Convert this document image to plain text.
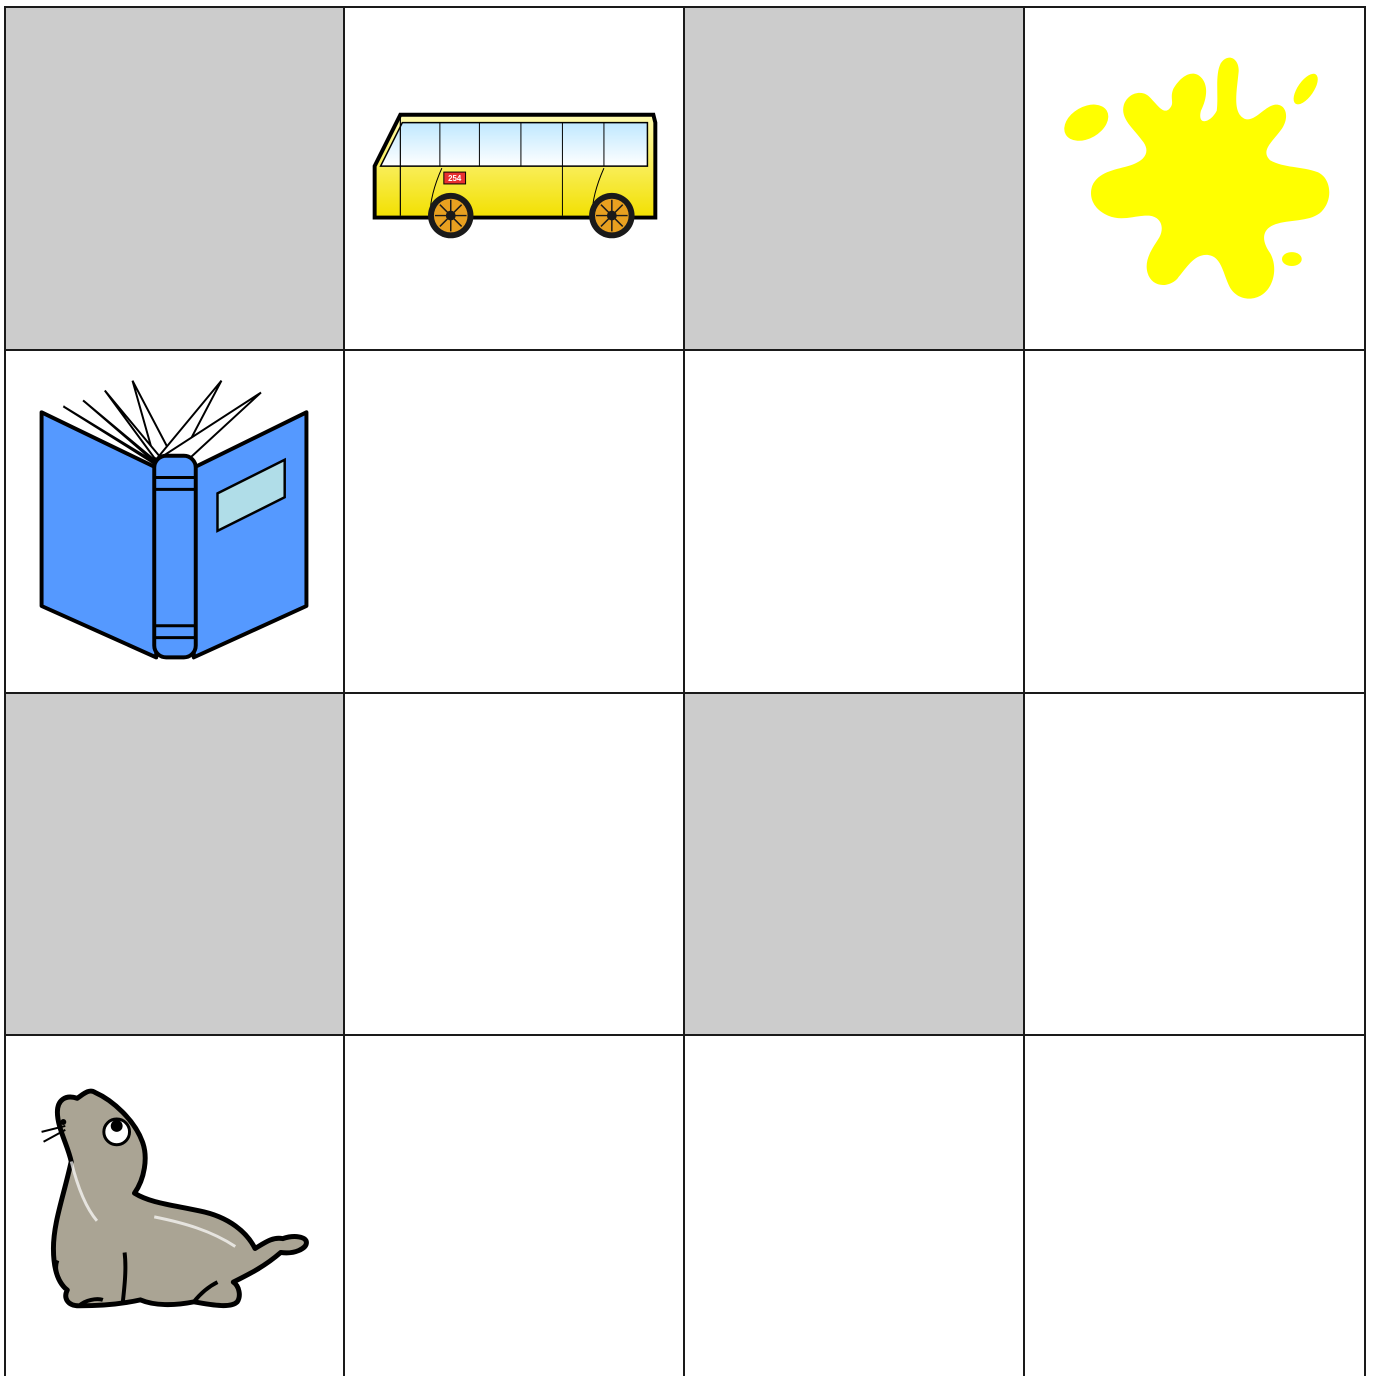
254
